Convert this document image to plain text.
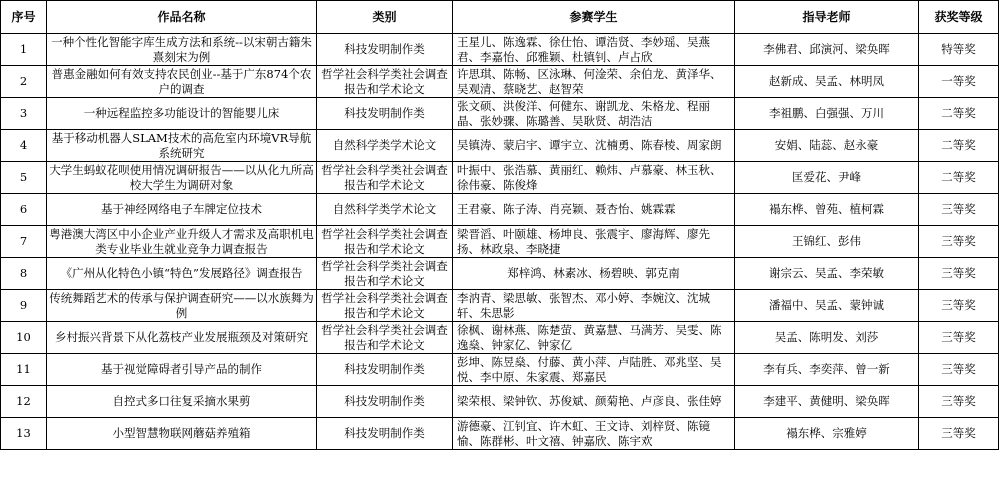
序号	作品名称	类别	参赛学生	指导老师	获奖等级
1	一种个性化智能字库生成方法和系统--以宋朝古籍朱熹刻宋为例	科技发明制作类	王星儿、陈逸霖、徐仕怡、谭浩贤、李妙瑶、吴燕君、李嘉怡、邱雅颖、杜镇钊、卢占欣	李佛君、邱演河、梁奂晖	特等奖
2	普惠金融如何有效支持农民创业--基于广东874个农户的调查	哲学社会科学类社会调查报告和学术论文	许思琪、陈畅、区泳琳、何淦荣、余伯龙、黄泽华、吴观清、蔡晓艺、赵智荣	赵新成、吴孟、林明凤	一等奖
3	一种远程监控多功能设计的智能婴儿床	科技发明制作类	张文硕、洪俊洋、何健东、谢凯龙、朱格龙、程丽晶、张妙骤、陈璐善、吴耿贤、胡浩洁	李祖鹏、白强强、万川	二等奖
4	基于移动机器人SLAM技术的高危室内环境VR导航系统研究	自然科学类学术论文	吴镇涛、蒙启宇、谭宇立、沈楠勇、陈春棱、周家朗	安娟、陆蕊、赵永豪	二等奖
5	大学生蚂蚁花呗使用情况调研报告——以从化九所高校大学生为调研对象	哲学社会科学类社会调查报告和学术论文	叶振中、张浩慕、黄丽红、赖炜、卢慕豪、林玉秋、徐伟豪、陈俊烽	匡爱花、尹峰	二等奖
6	基于神经网络电子车牌定位技术	自然科学类学术论文	王君豪、陈子涛、肖亮颖、聂杏怡、姚霖霖	褟东桦、曾苑、植柯霖	三等奖
7	粤港澳大湾区中小企业产业升级人才需求及高职机电类专业毕业生就业竞争力调查报告	哲学社会科学类社会调查报告和学术论文	梁晋滔、叶颐雄、杨坤良、张震宇、廖海辉、廖先扬、林政泉、李晓捷	王锦红、彭伟	三等奖
8	《广州从化特色小镇“特色”发展路径》调查报告	哲学社会科学类社会调查报告和学术论文	郑梓鸿、林素冰、杨碧映、郭克南	谢宗云、吴孟、李荣敏	三等奖
9	传统舞蹈艺术的传承与保护调查研究——以水族舞为例	哲学社会科学类社会调查报告和学术论文	李汭青、梁思敏、张智杰、邓小婷、李婉汶、沈城轩、朱思影	潘福中、吴孟、蒙钟诚	三等奖
10	乡村振兴背景下从化荔枝产业发展瓶颈及对策研究	哲学社会科学类社会调查报告和学术论文	徐枫、谢林燕、陈楚萤、黄嘉慧、马满芳、吴雯、陈逸燊、钟家亿、钟家亿	吴孟、陈明发、刘莎	三等奖
11	基于视觉障碍者引导产品的制作	科技发明制作类	彭坤、陈昱燊、付藤、黄小萍、卢陆胜、邓兆坚、吴悦、李中原、朱家震、郑嘉民	李有兵、李奕萍、曾一新	三等奖
12	自控式多口往复采摘水果剪	科技发明制作类	梁荣根、梁钟钦、苏俊斌、颜菊艳、卢彦良、张佳婷	李建平、黄健明、梁奂晖	三等奖
13	小型智慧物联网蘑菇养殖箱	科技发明制作类	游德豪、江钊宜、许木虹、王文诗、刘梓贤、陈镜愉、陈群彬、叶文禧、钟嘉欣、陈宇欢	褟东桦、宗雅婷	三等奖
